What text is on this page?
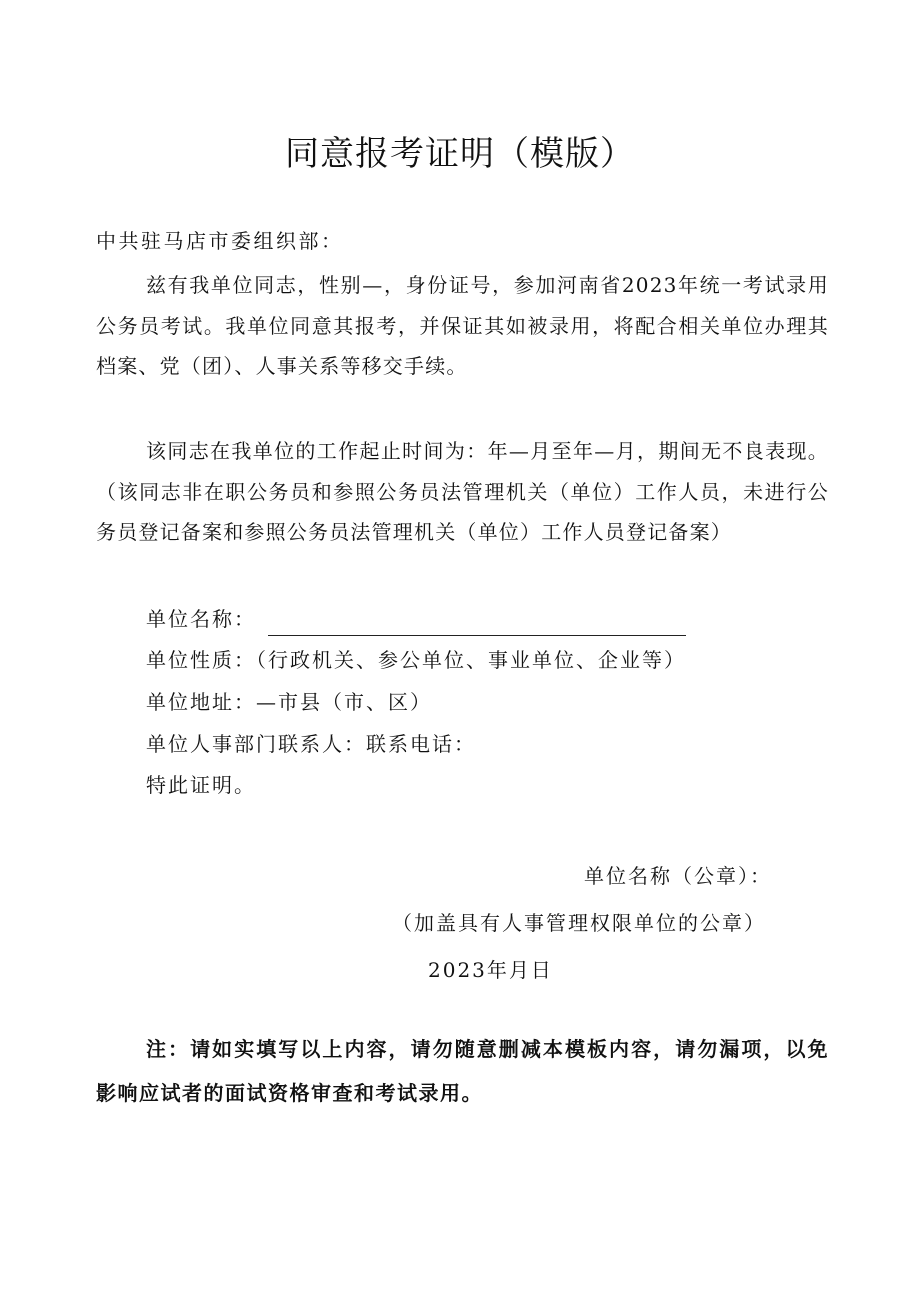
同意报考证明（模版）
中共驻马店市委组织部：
兹有我单位同志，性别—，身份证号，参加河南省2023年统一考试录用公务员考试。我单位同意其报考，并保证其如被录用，将配合相关单位办理其档案、党（团）、人事关系等移交手续。
该同志在我单位的工作起止时间为：年—月至年—月，期间无不良表现。（该同志非在职公务员和参照公务员法管理机关（单位）工作人员，未进行公务员登记备案和参照公务员法管理机关（单位）工作人员登记备案）
单位名称：
单位性质：（行政机关、参公单位、事业单位、企业等）
单位地址：—市县（市、区）
单位人事部门联系人：联系电话：
特此证明。
单位名称（公章）：
（加盖具有人事管理权限单位的公章）
2023年月日
注：请如实填写以上内容，请勿随意删减本模板内容，请勿漏项，以免影响应试者的面试资格审查和考试录用。
